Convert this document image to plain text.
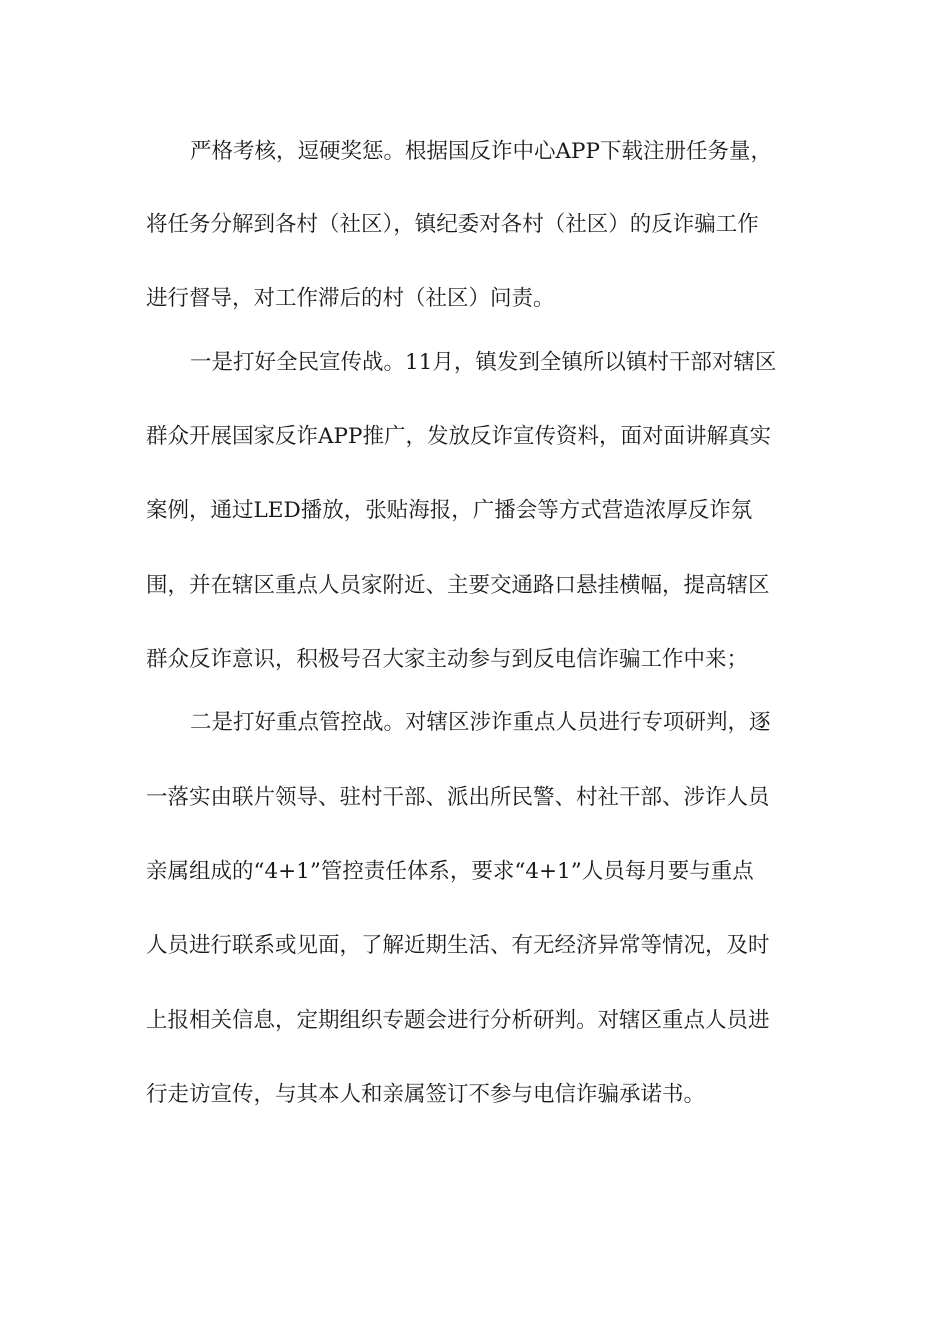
严格考核，逗硬奖惩。根据国反诈中心APP下载注册任务量，
将任务分解到各村（社区），镇纪委对各村（社区）的反诈骗工作
进行督导，对工作滞后的村（社区）问责。
一是打好全民宣传战。11月，镇发到全镇所以镇村干部对辖区
群众开展国家反诈APP推广，发放反诈宣传资料，面对面讲解真实
案例，通过LED播放，张贴海报，广播会等方式营造浓厚反诈氛
围，并在辖区重点人员家附近、主要交通路口悬挂横幅，提高辖区
群众反诈意识，积极号召大家主动参与到反电信诈骗工作中来；
二是打好重点管控战。对辖区涉诈重点人员进行专项研判，逐
一落实由联片领导、驻村干部、派出所民警、村社干部、涉诈人员
亲属组成的“4+1”管控责任体系，要求“4+1”人员每月要与重点
人员进行联系或见面，了解近期生活、有无经济异常等情况，及时
上报相关信息，定期组织专题会进行分析研判。对辖区重点人员进
行走访宣传，与其本人和亲属签订不参与电信诈骗承诺书。
